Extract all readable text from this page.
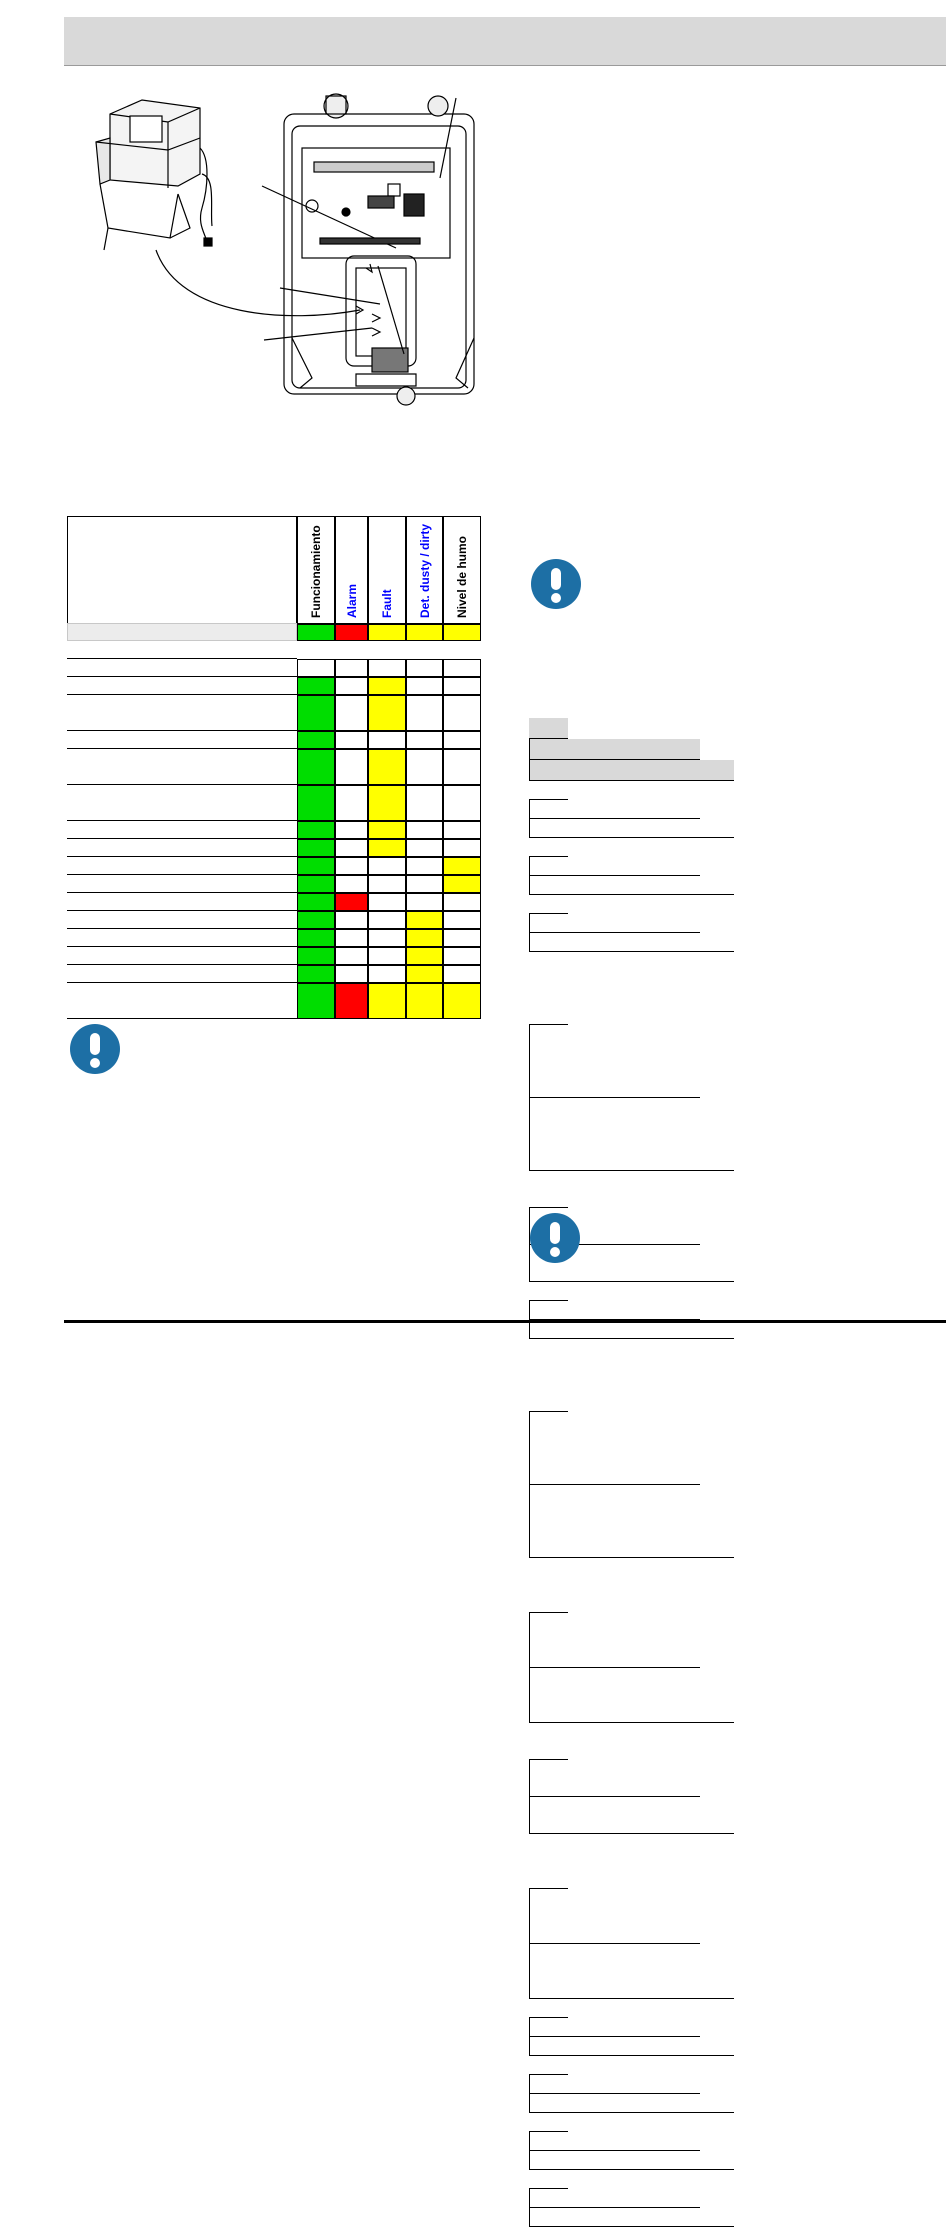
Funcionamiento Alarm Fault Det. dusty / dirty Nivel de humo
